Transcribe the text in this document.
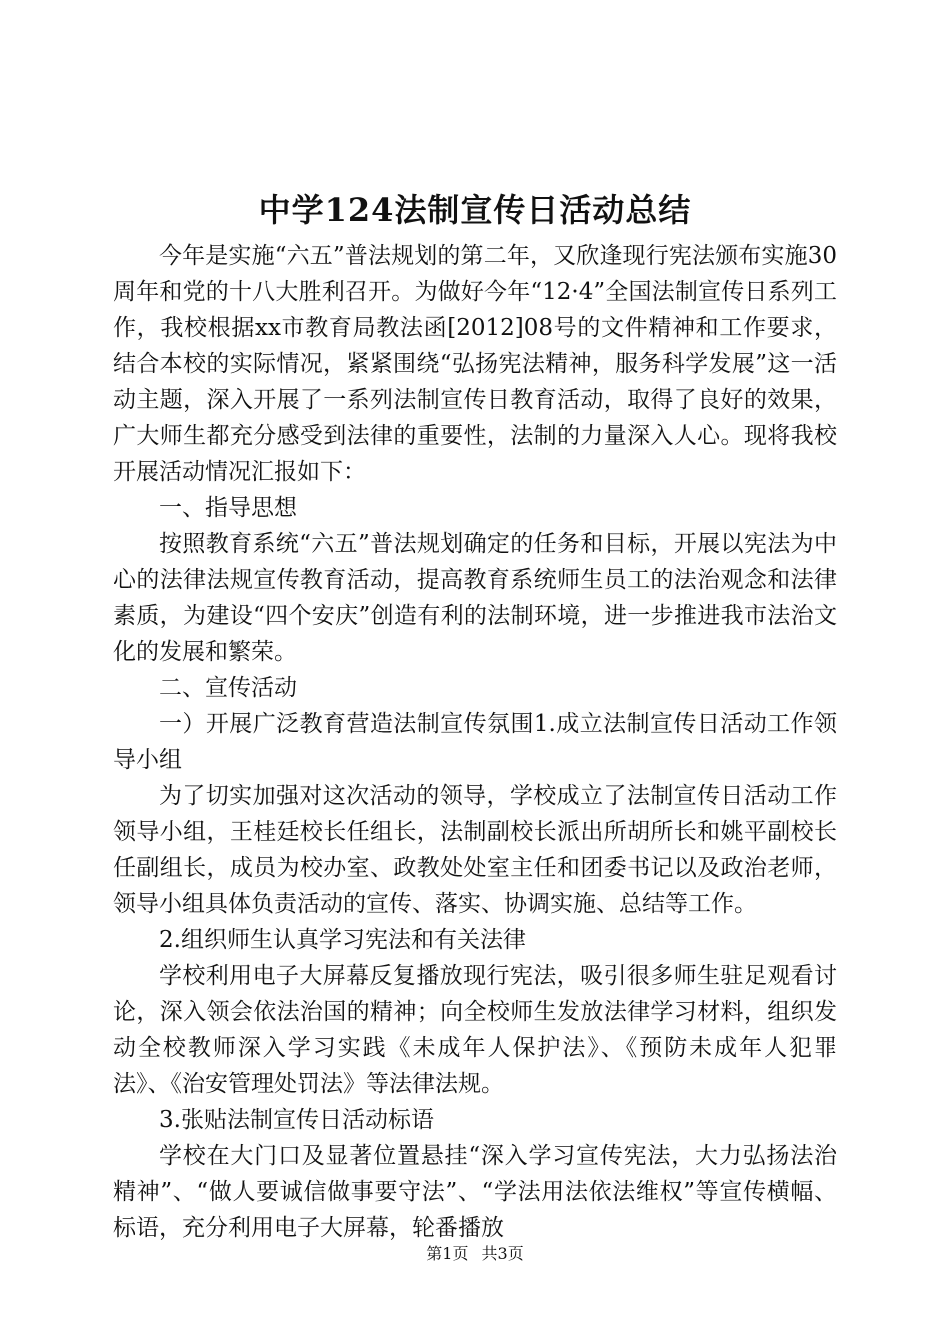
中学124法制宣传日活动总结

今年是实施“六五”普法规划的第二年，又欣逢现行宪法颁布实施30周年和党的十八大胜利召开。为做好今年“12·4”全国法制宣传日系列工作，我校根据xx市教育局教法函[2012]08号的文件精神和工作要求，结合本校的实际情况，紧紧围绕“弘扬宪法精神，服务科学发展”这一活动主题，深入开展了一系列法制宣传日教育活动，取得了良好的效果，广大师生都充分感受到法律的重要性，法制的力量深入人心。现将我校开展活动情况汇报如下：

一、指导思想

按照教育系统“六五”普法规划确定的任务和目标，开展以宪法为中心的法律法规宣传教育活动，提高教育系统师生员工的法治观念和法律素质，为建设“四个安庆”创造有利的法制环境，进一步推进我市法治文化的发展和繁荣。

二、宣传活动

一）开展广泛教育营造法制宣传氛围1.成立法制宣传日活动工作领导小组

为了切实加强对这次活动的领导，学校成立了法制宣传日活动工作领导小组，王桂廷校长任组长，法制副校长派出所胡所长和姚平副校长任副组长，成员为校办室、政教处处室主任和团委书记以及政治老师，领导小组具体负责活动的宣传、落实、协调实施、总结等工作。

2.组织师生认真学习宪法和有关法律

学校利用电子大屏幕反复播放现行宪法，吸引很多师生驻足观看讨论，深入领会依法治国的精神；向全校师生发放法律学习材料，组织发动全校教师深入学习实践《未成年人保护法》、《预防未成年人犯罪法》、《治安管理处罚法》等法律法规。

3.张贴法制宣传日活动标语

学校在大门口及显著位置悬挂“深入学习宣传宪法，大力弘扬法治精神”、“做人要诚信做事要守法”、“学法用法依法维权”等宣传横幅、标语，充分利用电子大屏幕，轮番播放

第1页 共3页
